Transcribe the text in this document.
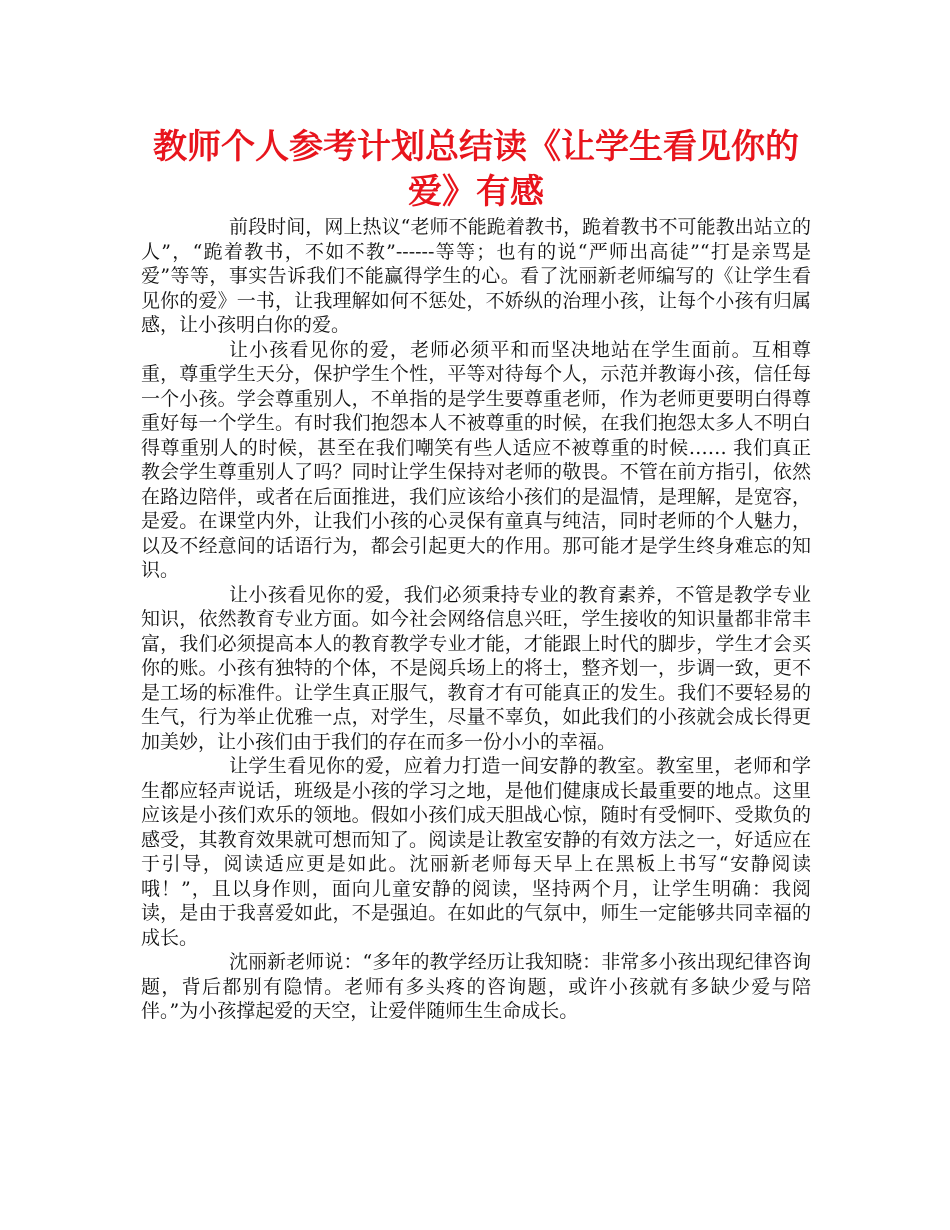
教师个人参考计划总结读《让学生看见你的爱》有感

前段时间，网上热议“老师不能跪着教书，跪着教书不可能教出站立的人”，“跪着教书，不如不教”------等等；也有的说“严师出高徒”“打是亲骂是爱”等等，事实告诉我们不能赢得学生的心。看了沈丽新老师编写的《让学生看见你的爱》一书，让我理解如何不惩处，不娇纵的治理小孩，让每个小孩有归属感，让小孩明白你的爱。

让小孩看见你的爱，老师必须平和而坚决地站在学生面前。互相尊重，尊重学生天分，保护学生个性，平等对待每个人，示范并教诲小孩，信任每一个小孩。学会尊重别人，不单指的是学生要尊重老师，作为老师更要明白得尊重好每一个学生。有时我们抱怨本人不被尊重的时候，在我们抱怨太多人不明白得尊重别人的时候，甚至在我们嘲笑有些人适应不被尊重的时候…… 我们真正教会学生尊重别人了吗？同时让学生保持对老师的敬畏。不管在前方指引，依然在路边陪伴，或者在后面推进，我们应该给小孩们的是温情，是理解，是宽容，是爱。在课堂内外，让我们小孩的心灵保有童真与纯洁，同时老师的个人魅力，以及不经意间的话语行为，都会引起更大的作用。那可能才是学生终身难忘的知识。

让小孩看见你的爱，我们必须秉持专业的教育素养，不管是教学专业知识，依然教育专业方面。如今社会网络信息兴旺，学生接收的知识量都非常丰富，我们必须提高本人的教育教学专业才能，才能跟上时代的脚步，学生才会买你的账。小孩有独特的个体，不是阅兵场上的将士，整齐划一，步调一致，更不是工场的标准件。让学生真正服气，教育才有可能真正的发生。我们不要轻易的生气，行为举止优雅一点，对学生，尽量不辜负，如此我们的小孩就会成长得更加美妙，让小孩们由于我们的存在而多一份小小的幸福。

让学生看见你的爱，应着力打造一间安静的教室。教室里，老师和学生都应轻声说话，班级是小孩的学习之地，是他们健康成长最重要的地点。这里应该是小孩们欢乐的领地。假如小孩们成天胆战心惊，随时有受恫吓、受欺负的感受，其教育效果就可想而知了。阅读是让教室安静的有效方法之一，好适应在于引导，阅读适应更是如此。沈丽新老师每天早上在黑板上书写“安静阅读哦！”，且以身作则，面向儿童安静的阅读，坚持两个月，让学生明确：我阅读，是由于我喜爱如此，不是强迫。在如此的气氛中，师生一定能够共同幸福的成长。

沈丽新老师说：“多年的教学经历让我知晓：非常多小孩出现纪律咨询题，背后都别有隐情。老师有多头疼的咨询题，或许小孩就有多缺少爱与陪伴。”为小孩撑起爱的天空，让爱伴随师生生命成长。
